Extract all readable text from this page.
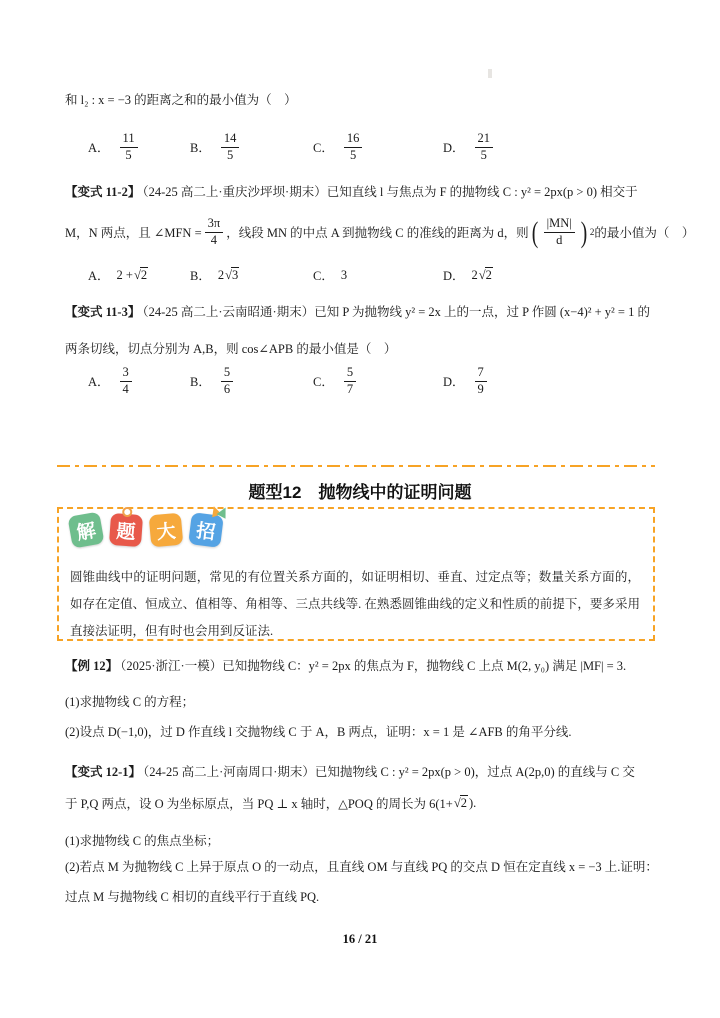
和 l₂ : x = −3 的距离之和的最小值为（　）
A． $\frac{11}{5}$	B． $\frac{14}{5}$	C． $\frac{16}{5}$	D． $\frac{21}{5}$
【变式 11-2】 （24-25 高二上·重庆沙坪坝·期末）已知直线 l 与焦点为 F 的抛物线 C : y² = 2px(p > 0) 相交于
M，N 两点，且 ∠MFN = $\frac{3\pi}{4}$ ，线段 MN 的中点 A 到抛物线 C 的准线的距离为 d，则 ( $\frac{|MN|}{d}$ ) 2 的最小值为（　）
A． 2 + √2	B． 2 √3	C． 3	D． 2 √2
【变式 11-3】 （24-25 高二上·云南昭通·期末）已知 P 为抛物线 y² = 2x 上的一点，过 P 作圆 (x−4)² + y² = 1 的
两条切线，切点分别为 A,B，则 cos∠APB 的最小值是（　）
A． $\frac{3}{4}$	B． $\frac{5}{6}$	C． $\frac{5}{7}$	D． $\frac{7}{9}$
题型12　抛物线中的证明问题
解 题	大 招
圆锥曲线中的证明问题，常见的有位置关系方面的，如证明相切、垂直、过定点等；数量关系方面的，如存在定值、恒成立、值相等、角相等、三点共线等. 在熟悉圆锥曲线的定义和性质的前提下，要多采用直接法证明，但有时也会用到反证法.
【例 12】 （2025·浙江·一模）已知抛物线 C：y² = 2px 的焦点为 F，抛物线 C 上点 M(2, y₀) 满足 |MF| = 3.
(1)求抛物线 C 的方程；
(2)设点 D(−1,0)，过 D 作直线 l 交抛物线 C 于 A，B 两点，证明：x = 1 是 ∠AFB 的角平分线.
【变式 12-1】 （24-25 高二上·河南周口·期末）已知抛物线 C : y² = 2px(p > 0)，过点 A(2p,0) 的直线与 C 交
于 P,Q 两点，设 O 为坐标原点，当 PQ ⊥ x 轴时，△POQ 的周长为 6(1+ √2 ).
(1)求抛物线 C 的焦点坐标；
(2)若点 M 为抛物线 C 上异于原点 O 的一动点，且直线 OM 与直线 PQ 的交点 D 恒在定直线 x = −3 上.证明：
过点 M 与抛物线 C 相切的直线平行于直线 PQ.
16 / 21
